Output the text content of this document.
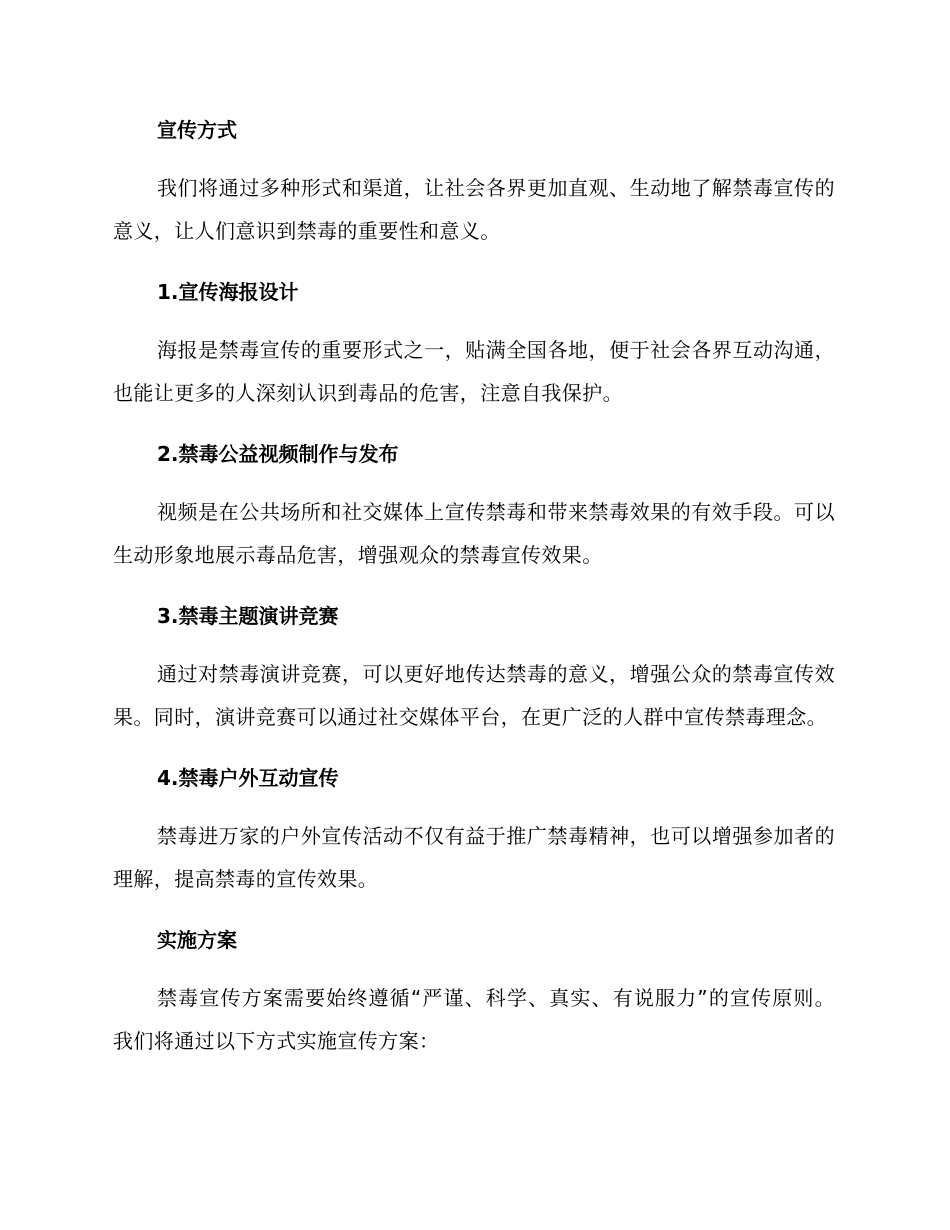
宣传方式

我们将通过多种形式和渠道，让社会各界更加直观、生动地了解禁毒宣传的意义，让人们意识到禁毒的重要性和意义。

1.宣传海报设计

海报是禁毒宣传的重要形式之一，贴满全国各地，便于社会各界互动沟通，也能让更多的人深刻认识到毒品的危害，注意自我保护。

2.禁毒公益视频制作与发布

视频是在公共场所和社交媒体上宣传禁毒和带来禁毒效果的有效手段。可以生动形象地展示毒品危害，增强观众的禁毒宣传效果。

3.禁毒主题演讲竞赛

通过对禁毒演讲竞赛，可以更好地传达禁毒的意义，增强公众的禁毒宣传效果。同时，演讲竞赛可以通过社交媒体平台，在更广泛的人群中宣传禁毒理念。

4.禁毒户外互动宣传

禁毒进万家的户外宣传活动不仅有益于推广禁毒精神，也可以增强参加者的理解，提高禁毒的宣传效果。

实施方案

禁毒宣传方案需要始终遵循“严谨、科学、真实、有说服力”的宣传原则。 我们将通过以下方式实施宣传方案：
